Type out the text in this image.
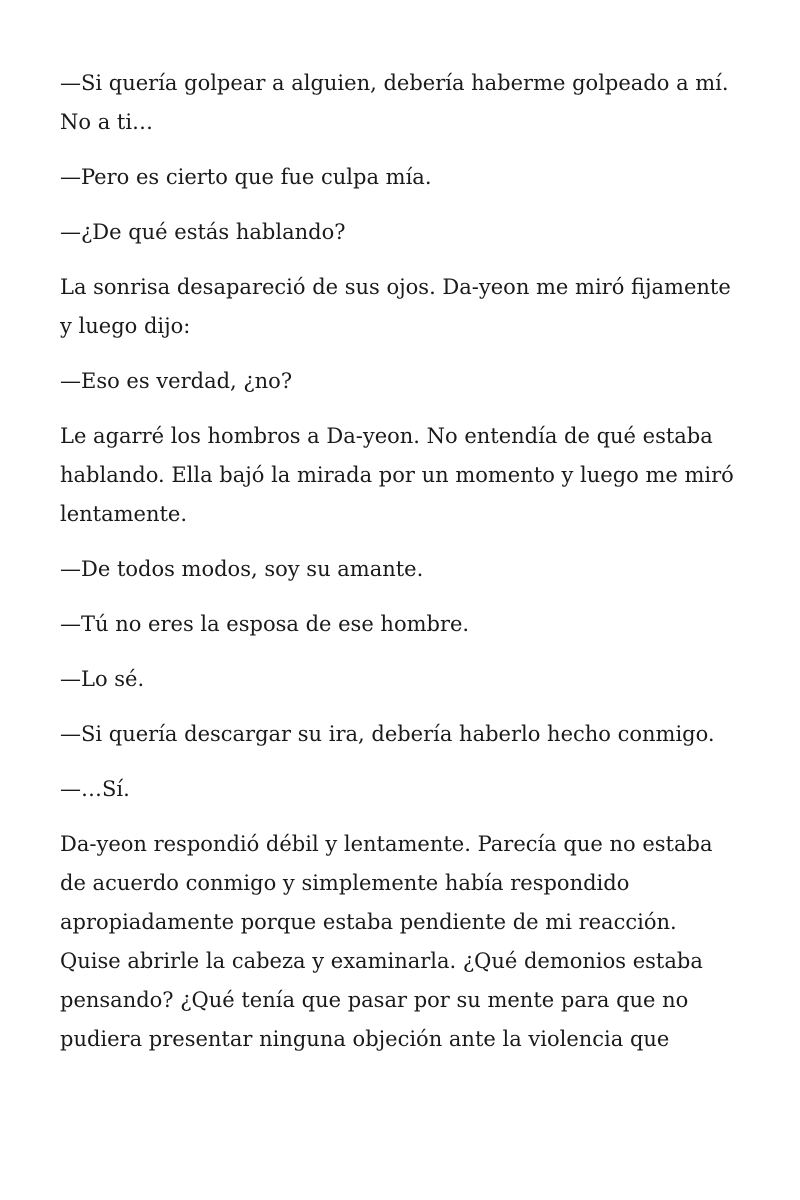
—Si quería golpear a alguien, debería haberme golpeado a mí. No a ti…

—Pero es cierto que fue culpa mía.

—¿De qué estás hablando?

La sonrisa desapareció de sus ojos. Da-yeon me miró fijamente y luego dijo:

—Eso es verdad, ¿no?

Le agarré los hombros a Da-yeon. No entendía de qué estaba hablando. Ella bajó la mirada por un momento y luego me miró lentamente.

—De todos modos, soy su amante.

—Tú no eres la esposa de ese hombre.

—Lo sé.

—Si quería descargar su ira, debería haberlo hecho conmigo.

—…Sí.

Da-yeon respondió débil y lentamente. Parecía que no estaba de acuerdo conmigo y simplemente había respondido apropiadamente porque estaba pendiente de mi reacción. Quise abrirle la cabeza y examinarla. ¿Qué demonios estaba pensando? ¿Qué tenía que pasar por su mente para que no pudiera presentar ninguna objeción ante la violencia que
